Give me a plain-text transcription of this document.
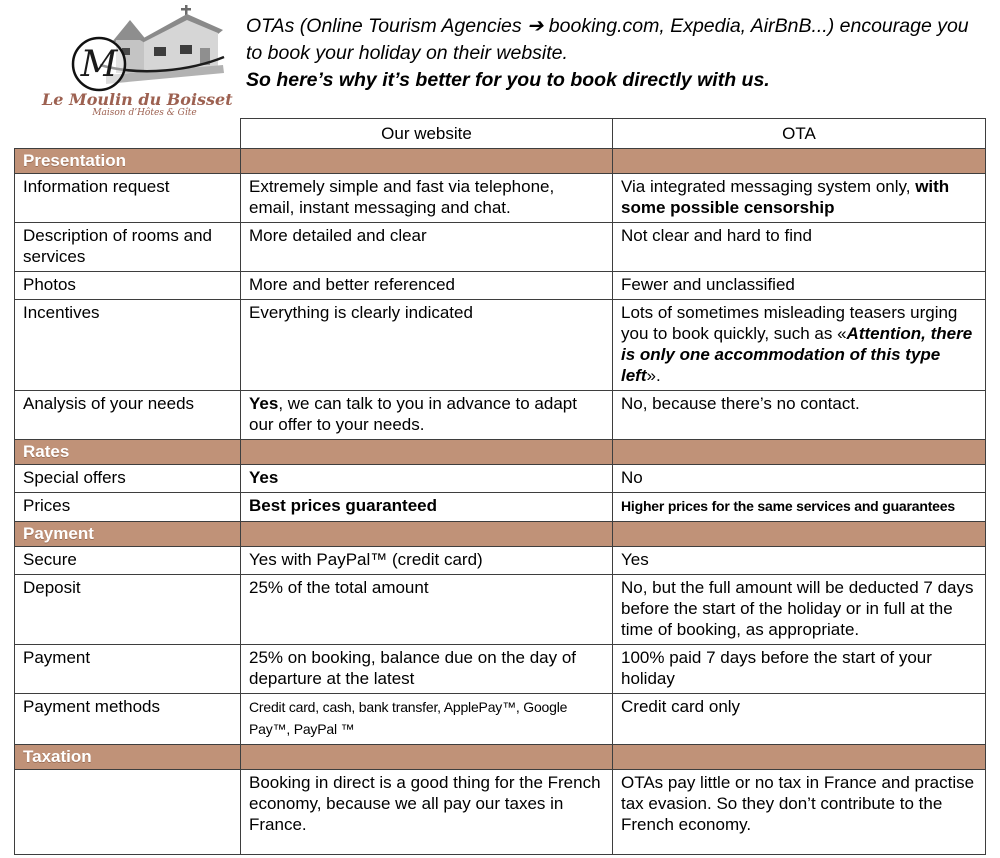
M
Le Moulin du Boisset
Maison d’Hôtes & Gîte
OTAs (Online Tourism Agencies ➔ booking.com, Expedia, AirBnB...) encourage you to book your holiday on their website.
So here’s why it’s better for you to book directly with us.
	Our website	OTA
Presentation		
Information request	Extremely simple and fast via telephone, email, instant messaging and chat.	Via integrated messaging system only, with some possible censorship
Description of rooms and services	More detailed and clear	Not clear and hard to find
Photos	More and better referenced	Fewer and unclassified
Incentives	Everything is clearly indicated	Lots of sometimes misleading teasers urging you to book quickly, such as «Attention, there is only one accommodation of this type left».
Analysis of your needs	Yes, we can talk to you in advance to adapt our offer to your needs.	No, because there’s no contact.
Rates		
Special offers	Yes	No
Prices	Best prices guaranteed	Higher prices for the same services and guarantees
Payment		
Secure	Yes with PayPal™ (credit card)	Yes
Deposit	25% of the total amount	No, but the full amount will be deducted 7 days before the start of the holiday or in full at the time of booking, as appropriate.
Payment	25% on booking, balance due on the day of departure at the latest	100% paid 7 days before the start of your holiday
Payment methods	Credit card, cash, bank transfer, ApplePay™, Google Pay™, PayPal ™	Credit card only
Taxation		
	Booking in direct is a good thing for the French economy, because we all pay our taxes in France.	OTAs pay little or no tax in France and practise tax evasion. So they don’t contribute to the French economy.
